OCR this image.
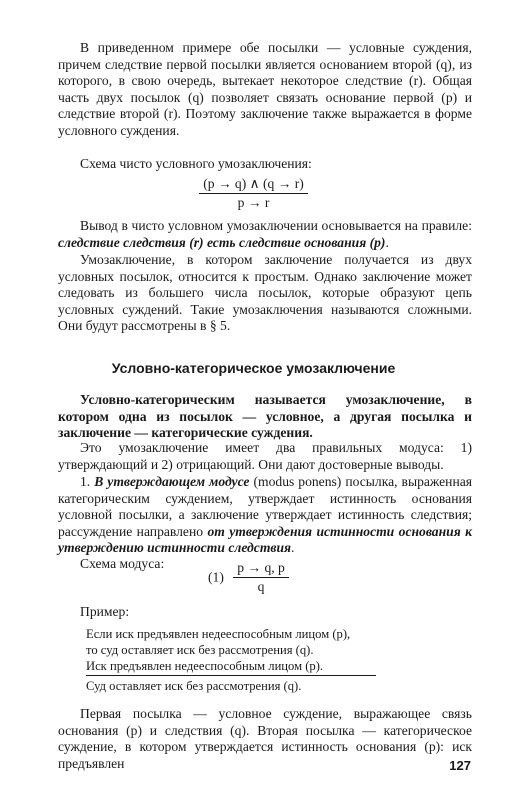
В приведенном примере обе посылки — условные суждения, причем следствие первой посылки является основанием второй (q), из которого, в свою очередь, вытекает некоторое следствие (r). Общая часть двух посылок (q) позволяет связать основание первой (p) и следствие второй (r). Поэтому заключение также выражается в форме условного суждения.

Схема чисто условного умозаключения:

$\frac{(p \to q) \wedge (q \to r)}{p \to r}$

Вывод в чисто условном умозаключении основывается на правиле: следствие следствия (r) есть следствие основания (p).

Умозаключение, в котором заключение получается из двух условных посылок, относится к простым. Однако заключение может следовать из большего числа посылок, которые образуют цепь условных суждений. Такие умозаключения называются сложными. Они будут рассмотрены в § 5.

Условно-категорическое умозаключение

Условно-категорическим называется умозаключение, в котором одна из посылок — условное, а другая посылка и заключение — категорические суждения.

Это умозаключение имеет два правильных модуса: 1) утверждающий и 2) отрицающий. Они дают достоверные выводы.

1. В утверждающем модусе (modus ponens) посылка, выраженная категорическим суждением, утверждает истинность основания условной посылки, а заключение утверждает истинность следствия; рассуждение направлено от утверждения истинности основания к утверждению истинности следствия.

Схема модуса:

$(1) \frac{p \to q, p}{q}$

Пример:

Если иск предъявлен недееспособным лицом (p),
то суд оставляет иск без рассмотрения (q).
Иск предъявлен недееспособным лицом (p).
Суд оставляет иск без рассмотрения (q).

Первая посылка — условное суждение, выражающее связь основания (p) и следствия (q). Вторая посылка — категорическое суждение, в котором утверждается истинность основания (p): иск предъявлен	127
